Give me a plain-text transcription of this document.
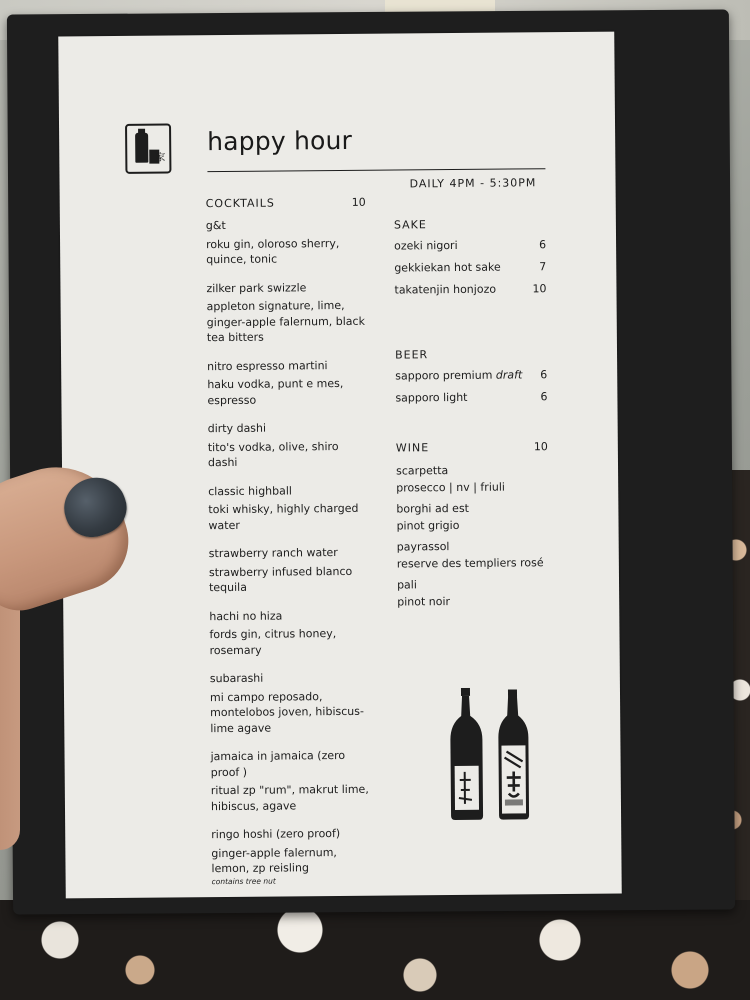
家
happy hour
DAILY 4PM - 5:30PM
COCKTAILS	10
g&t
roku gin, oloroso sherry, quince, tonic
zilker park swizzle
appleton signature, lime, ginger-apple falernum, black tea bitters
nitro espresso martini
haku vodka, punt e mes, espresso
dirty dashi
tito's vodka, olive, shiro dashi
classic highball
toki whisky, highly charged water
strawberry ranch water
strawberry infused blanco tequila
hachi no hiza
fords gin, citrus honey, rosemary
subarashi
mi campo reposado, montelobos joven, hibiscus-lime agave
jamaica in jamaica (zero proof )
ritual zp "rum", makrut lime, hibiscus, agave
ringo hoshi (zero proof)
ginger-apple falernum, lemon, zp reisling
contains tree nut
SAKE
ozeki nigori	6
gekkiekan hot sake	7
takatenjin honjozo	10
BEER
sapporo premium draft 6
sapporo light	6
WINE	10
scarpetta
prosecco | nv | friuli
borghi ad est
pinot grigio
payrassol
reserve des templiers rosé
pali
pinot noir
